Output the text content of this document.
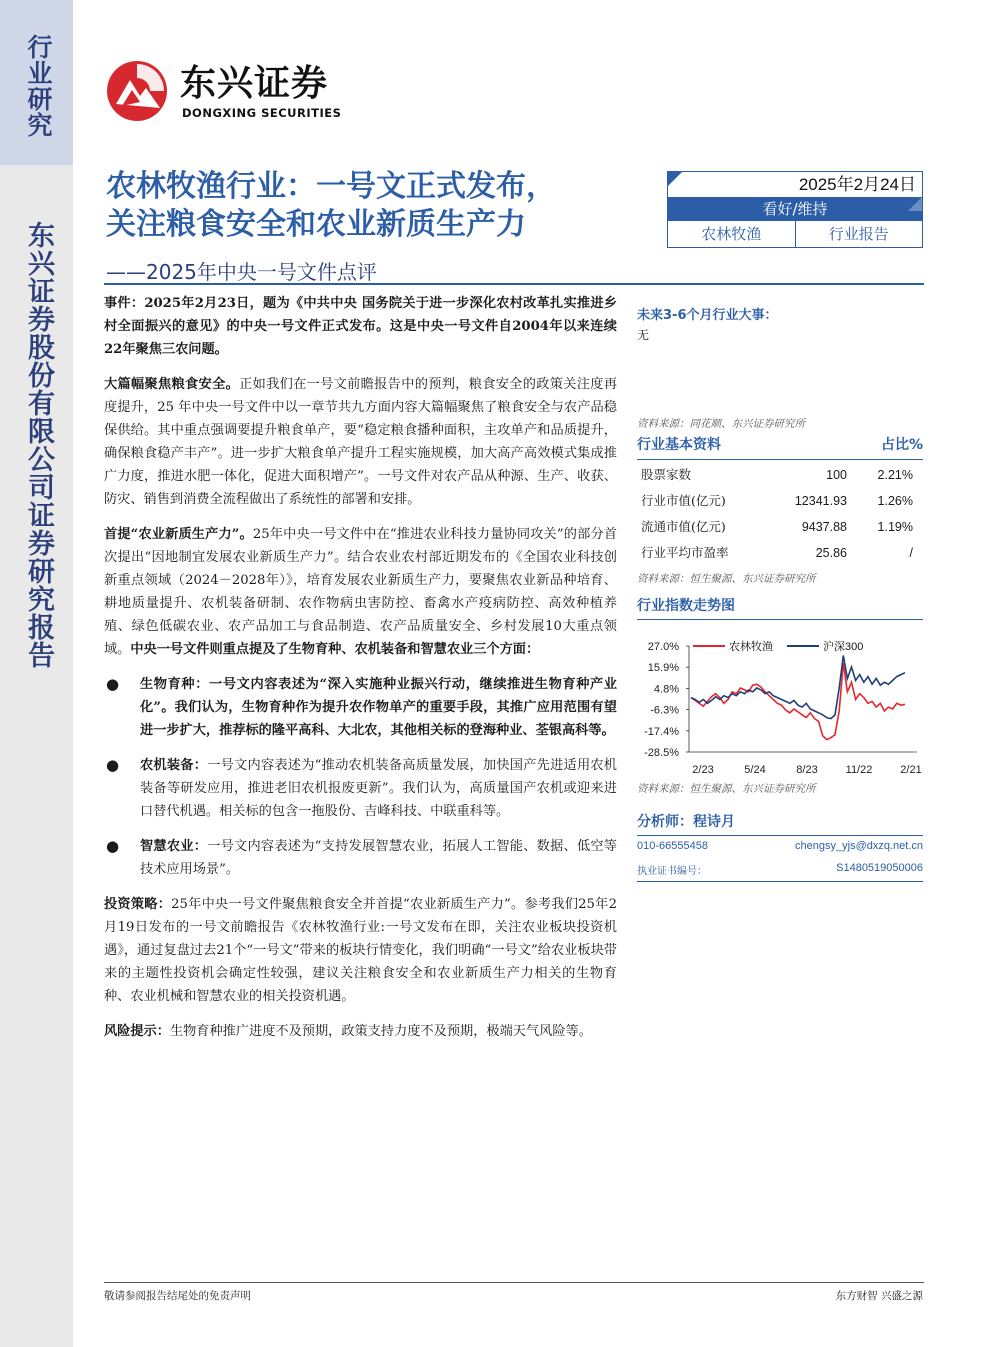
行业研究
东兴证券股份有限公司证券研究报告
东兴证券
DONGXING SECURITIES
农林牧渔行业：一号文正式发布，
关注粮食安全和农业新质生产力
——2025年中央一号文件点评
2025年2月24日
看好/维持
农林牧渔	行业报告

事件：2025年2月23日，题为《中共中央 国务院关于进一步深化农村改革扎实推进乡村全面振兴的意见》的中央一号文件正式发布。这是中央一号文件自2004年以来连续22年聚焦三农问题。

大篇幅聚焦粮食安全。正如我们在一号文前瞻报告中的预判，粮食安全的政策关注度再度提升，25 年中央一号文件中以一章节共九方面内容大篇幅聚焦了粮食安全与农产品稳保供给。其中重点强调要提升粮食单产，要“稳定粮食播种面积，主攻单产和品质提升，确保粮食稳产丰产”。进一步扩大粮食单产提升工程实施规模，加大高产高效模式集成推广力度，推进水肥一体化，促进大面积增产”。一号文件对农产品从种源、生产、收获、防灾、销售到消费全流程做出了系统性的部署和安排。

首提“农业新质生产力”。25年中央一号文件中在“推进农业科技力量协同攻关”的部分首次提出“因地制宜发展农业新质生产力”。结合农业农村部近期发布的《全国农业科技创新重点领域（2024－2028年）》，培育发展农业新质生产力，要聚焦农业新品种培育、耕地质量提升、农机装备研制、农作物病虫害防控、畜禽水产疫病防控、高效种植养殖、绿色低碳农业、农产品加工与食品制造、农产品质量安全、乡村发展10大重点领域。中央一号文件则重点提及了生物育种、农机装备和智慧农业三个方面：

●	生物育种：一号文内容表述为“深入实施种业振兴行动，继续推进生物育种产业化”。我们认为，生物育种作为提升农作物单产的重要手段，其推广应用范围有望进一步扩大，推荐标的隆平高科、大北农，其他相关标的登海种业、荃银高科等。
●	农机装备：一号文内容表述为“推动农机装备高质量发展，加快国产先进适用农机装备等研发应用，推进老旧农机报废更新”。我们认为，高质量国产农机或迎来进口替代机遇。相关标的包含一拖股份、吉峰科技、中联重科等。
●	智慧农业：一号文内容表述为“支持发展智慧农业，拓展人工智能、数据、低空等技术应用场景”。

投资策略：25年中央一号文件聚焦粮食安全并首提“农业新质生产力”。参考我们25年2月19日发布的一号文前瞻报告《农林牧渔行业:一号文发布在即，关注农业板块投资机遇》，通过复盘过去21个“一号文”带来的板块行情变化，我们明确“一号文”给农业板块带来的主题性投资机会确定性较强，建议关注粮食安全和农业新质生产力相关的生物育种、农业机械和智慧农业的相关投资机遇。

风险提示：生物育种推广进度不及预期，政策支持力度不及预期，极端天气风险等。

未来3-6个月行业大事：
无
资料来源：同花顺、东兴证券研究所
行业基本资料	占比%
股票家数	100	2.21%
行业市值(亿元)	12341.93	1.26%
流通市值(亿元)	9437.88	1.19%
行业平均市盈率	25.86	/
资料来源：恒生聚源、东兴证券研究所
行业指数走势图
27.0%
15.9%
4.8%
-6.3%
-17.4%
-28.5%
2/23	5/24	8/23	11/22	2/21
农林牧渔	沪深300
资料来源：恒生聚源、东兴证券研究所
分析师：程诗月
010-66555458	chengsy_yjs@dxzq.net.cn
执业证书编号：	S1480519050006
敬请参阅报告结尾处的免责声明	东方财智 兴盛之源
